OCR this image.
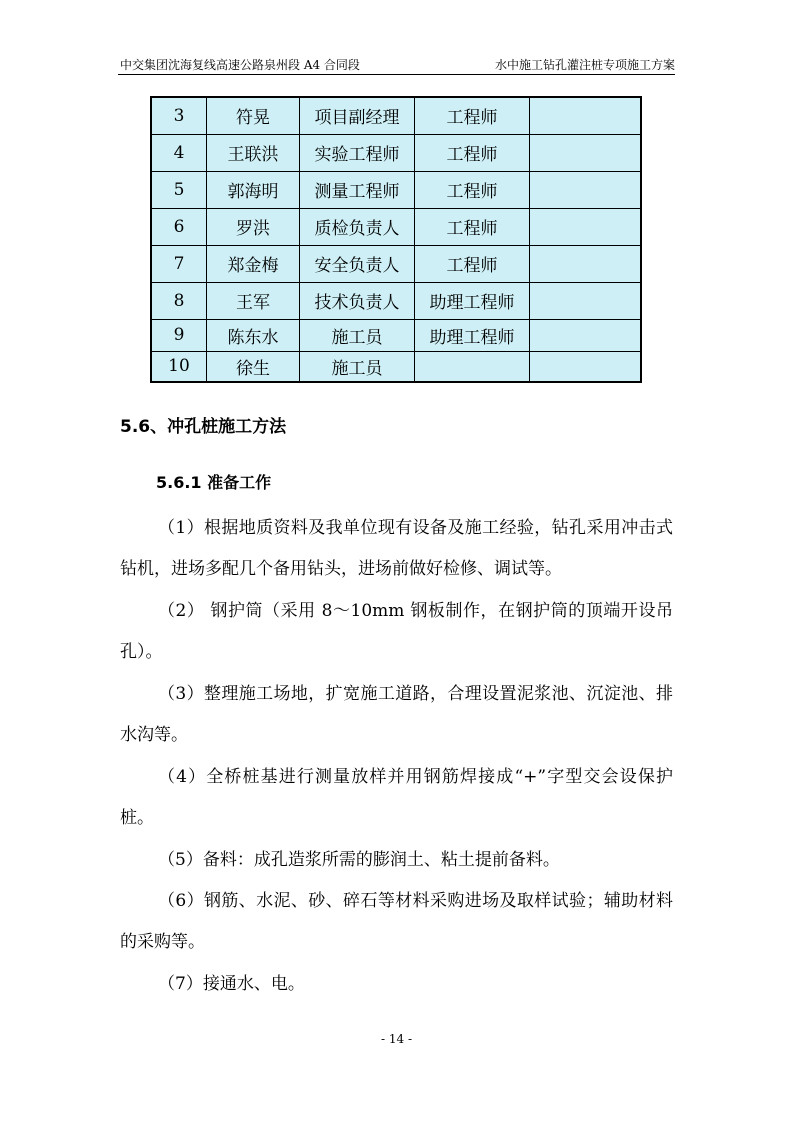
中交集团沈海复线高速公路泉州段 A4 合同段	水中施工钻孔灌注桩专项施工方案
3	符晃	项目副经理	工程师	
4	王联洪	实验工程师	工程师	
5	郭海明	测量工程师	工程师	
6	罗洪	质检负责人	工程师	
7	郑金梅	安全负责人	工程师	
8	王军	技术负责人	助理工程师	
9	陈东水	施工员	助理工程师	
10	徐生	施工员		
5.6、冲孔桩施工方法
5.6.1 准备工作

（1）根据地质资料及我单位现有设备及施工经验，钻孔采用冲击式钻机，进场多配几个备用钻头，进场前做好检修、调试等。

（2） 钢护筒（采用 8～10mm 钢板制作，在钢护筒的顶端开设吊孔）。

（3）整理施工场地，扩宽施工道路，合理设置泥浆池、沉淀池、排水沟等。

（4）全桥桩基进行测量放样并用钢筋焊接成“+”字型交会设保护桩。

（5）备料：成孔造浆所需的膨润土、粘土提前备料。

（6）钢筋、水泥、砂、碎石等材料采购进场及取样试验；辅助材料的采购等。

（7）接通水、电。

- 14 -
